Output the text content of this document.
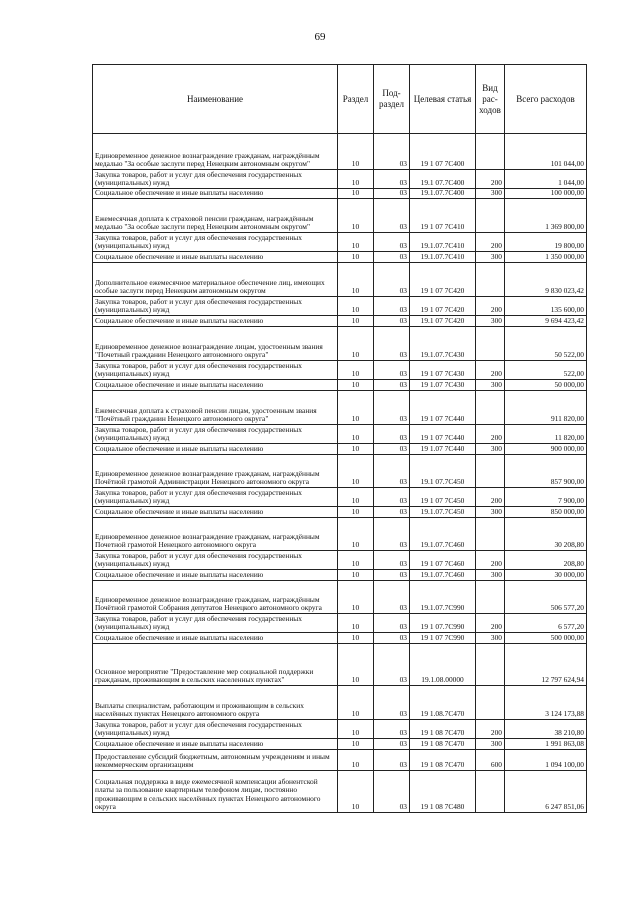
69
Наименование	Раздел	Под-раздел	Целевая статья	Вид рас-ходов	Всего расходов
Единовременное денежное вознаграждение гражданам, награждённым медалью "За особые заслуги перед Ненецким автономным округом"	10	03	19 1 07 7С400		101 044,00
Закупка товаров, работ и услуг для обеспечения государственных (муниципальных) нужд	10	03	19.1 07.7С400	200	1 044,00
Социальное обеспечение и иные выплаты населению	10	03	19.1.07.7С400	300	100 000,00
Ежемесячная доплата к страховой пенсии гражданам, награждённым медалью "За особые заслуги перед Ненецким автономным округом"	10	03	19 1 07 7С410		1 369 800,00
Закупка товаров, работ и услуг для обеспечения государственных (муниципальных) нужд	10	03	19.1.07.7С410	200	19 800,00
Социальное обеспечение и иные выплаты населению	10	03	19.1.07.7С410	300	1 350 000,00
Дополнительное ежемесячное материальное обеспечение лиц, имеющих особые заслуги перед Ненецким автономным округом	10	03	19 1 07 7С420		9 830 023,42
Закупка товаров, работ и услуг для обеспечения государственных (муниципальных) нужд	10	03	19 1 07 7С420	200	135 600,00
Социальное обеспечение и иные выплаты населению	10	03	19.1 07 7С420	300	9 694 423,42
Единовременное денежное вознаграждение лицам, удостоенным звания "Почетный гражданин Ненецкого автономного округа"	10	03	19.1.07.7С430		50 522,00
Закупка товаров, работ и услуг для обеспечения государственных (муниципальных) нужд	10	03	19 1 07 7С430	200	522,00
Социальное обеспечение и иные выплаты населению	10	03	19 1.07 7С430	300	50 000,00
Ежемесячная доплата к страховой пенсии лицам, удостоенным звания "Почётный гражданин Ненецкого автономного округа"	10	03	19 1 07 7С440		911 820,00
Закупка товаров, работ и услуг для обеспечения государственных (муниципальных) нужд	10	03	19 1 07 7С440	200	11 820,00
Социальное обеспечение и иные выплаты населению	10	03	19 1.07 7С440	300	900 000,00
Единовременное денежное вознаграждение гражданам, награждённым Почётной грамотой Администрации Ненецкого автономного округа	10	03	19.1 07.7С450		857 900,00
Закупка товаров, работ и услуг для обеспечения государственных (муниципальных) нужд	10	03	19 1 07 7С450	200	7 900,00
Социальное обеспечение и иные выплаты населению	10	03	19.1.07.7С450	300	850 000,00
Единовременное денежное вознаграждение гражданам, награждённым Почетной грамотой Ненецкого автономного округа	10	03	19.1.07.7С460		30 208,80
Закупка товаров, работ и услуг для обеспечения государственных (муниципальных) нужд	10	03	19 1 07 7С460	200	208,80
Социальное обеспечение и иные выплаты населению	10	03	19.1.07.7С460	300	30 000,00
Единовременное денежное вознаграждение гражданам, награждённым Почётной грамотой Собрания депутатов Ненецкого автономного округа	10	03	19.1.07.7С990		506 577,20
Закупка товаров, работ и услуг для обеспечения государственных (муниципальных) нужд	10	03	19 1 07.7С990	200	6 577,20
Социальное обеспечение и иные выплаты населению	10	03	19 1 07 7С990	300	500 000,00
Основное мероприятие "Предоставление мер социальной поддержки гражданам, проживающим в сельских населенных пунктах"	10	03	19.1.08.00000		12 797 624,94
Выплаты специалистам, работающим и проживающим в сельских населённых пунктах Ненецкого автономного округа	10	03	19 1.08.7С470		3 124 173,88
Закупка товаров, работ и услуг для обеспечения государственных (муниципальных) нужд	10	03	19 1 08 7С470	200	38 210,80
Социальное обеспечение и иные выплаты населению	10	03	19 1 08 7С470	300	1 991 863,08
Предоставление субсидий бюджетным, автономным учреждениям и иным некоммерческим организациям	10	03	19 1 08 7С470	600	1 094 100,00
Социальная поддержка в виде ежемесячной компенсации абонентской платы за пользование квартирным телефоном лицам, постоянно проживающим в сельских населённых пунктах Ненецкого автономного округа	10	03	19 1 08 7С480		6 247 851,06
